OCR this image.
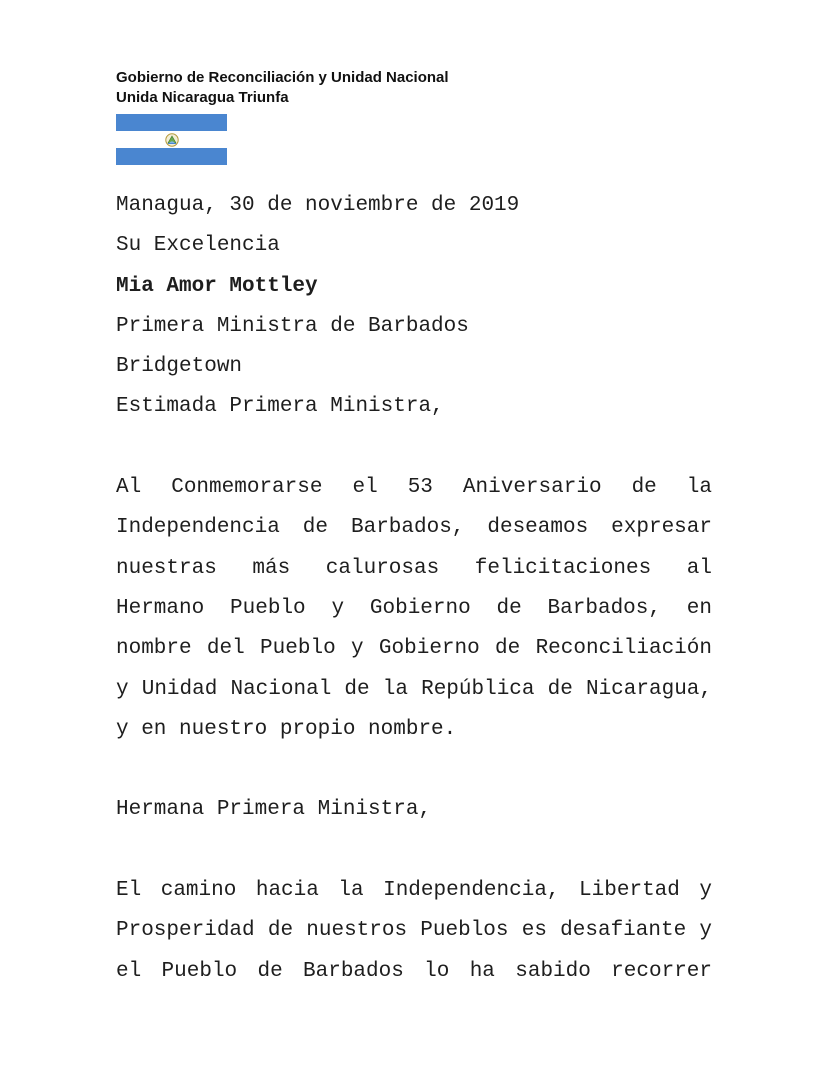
Gobierno de Reconciliación y Unidad Nacional
Unida Nicaragua Triunfa
Managua, 30 de noviembre de 2019
Su Excelencia
Mia Amor Mottley
Primera Ministra de Barbados
Bridgetown
Estimada Primera Ministra,
Al Conmemorarse el 53 Aniversario de la Independencia de Barbados, deseamos expresar nuestras más calurosas felicitaciones al Hermano Pueblo y Gobierno de Barbados, en nombre del Pueblo y Gobierno de Reconciliación y Unidad Nacional de la República de Nicaragua, y en nuestro propio nombre.
Hermana Primera Ministra,
El camino hacia la Independencia, Libertad y Prosperidad de nuestros Pueblos es desafiante y el Pueblo de Barbados lo ha sabido recorrer
